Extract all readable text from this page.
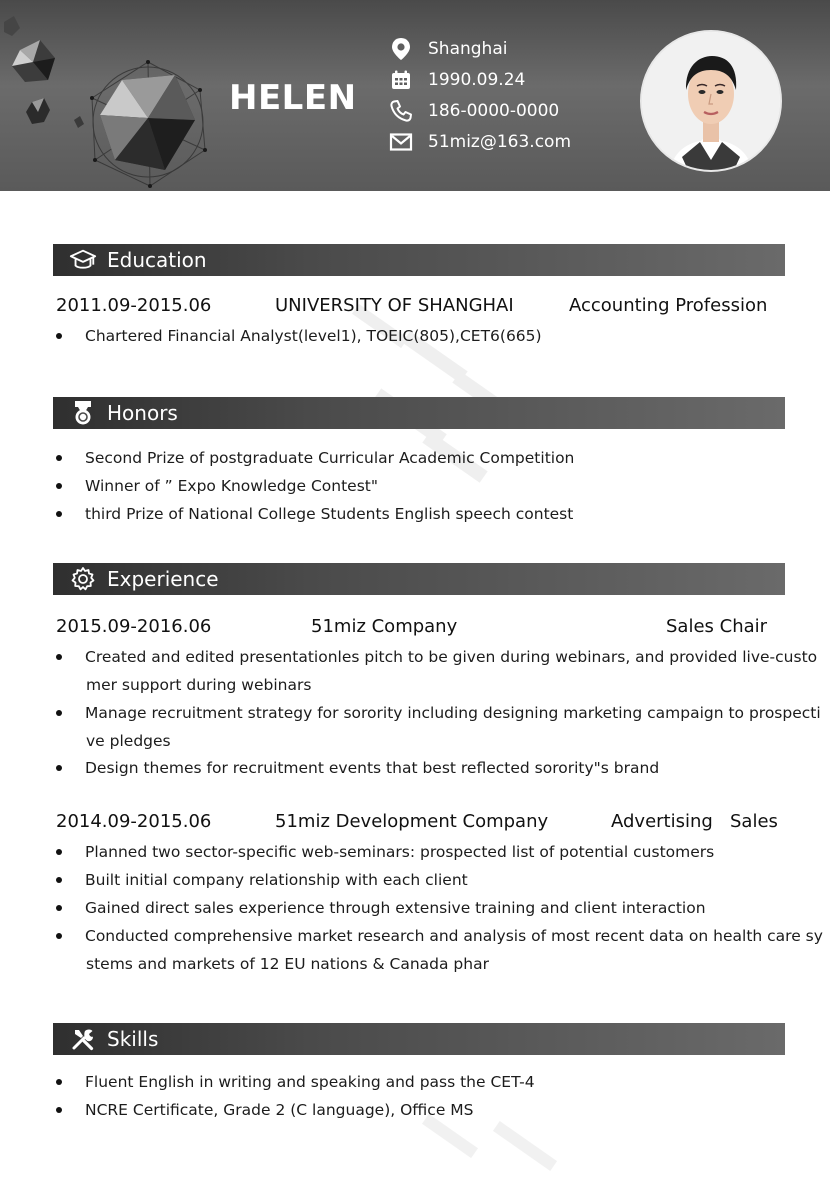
HELEN
Shanghai
1990.09.24
186-0000-0000
51miz@163.com
Education
2011.09-2015.06	UNIVERSITY OF SHANGHAI	Accounting Profession
Chartered Financial Analyst(level1), TOEIC(805),CET6(665)
Honors
Second Prize of postgraduate Curricular Academic Competition
Winner of ” Expo Knowledge Contest"
third Prize of National College Students English speech contest
Experience
2015.09-2016.06	51miz Company	Sales Chair
Created and edited presentationles pitch to be given during webinars, and provided live-custo
mer support during webinars
Manage recruitment strategy for sorority including designing marketing campaign to prospecti
ve pledges
Design themes for recruitment events that best reflected sorority"s brand
2014.09-2015.06	51miz Development Company	Advertising   Sales
Planned two sector-specific web-seminars: prospected list of potential customers
Built initial company relationship with each client
Gained direct sales experience through extensive training and client interaction
Conducted comprehensive market research and analysis of most recent data on health care sy
stems and markets of 12 EU nations & Canada phar
Skills
Fluent English in writing and speaking and pass the CET-4
NCRE Certificate, Grade 2 (C language), Office MS
